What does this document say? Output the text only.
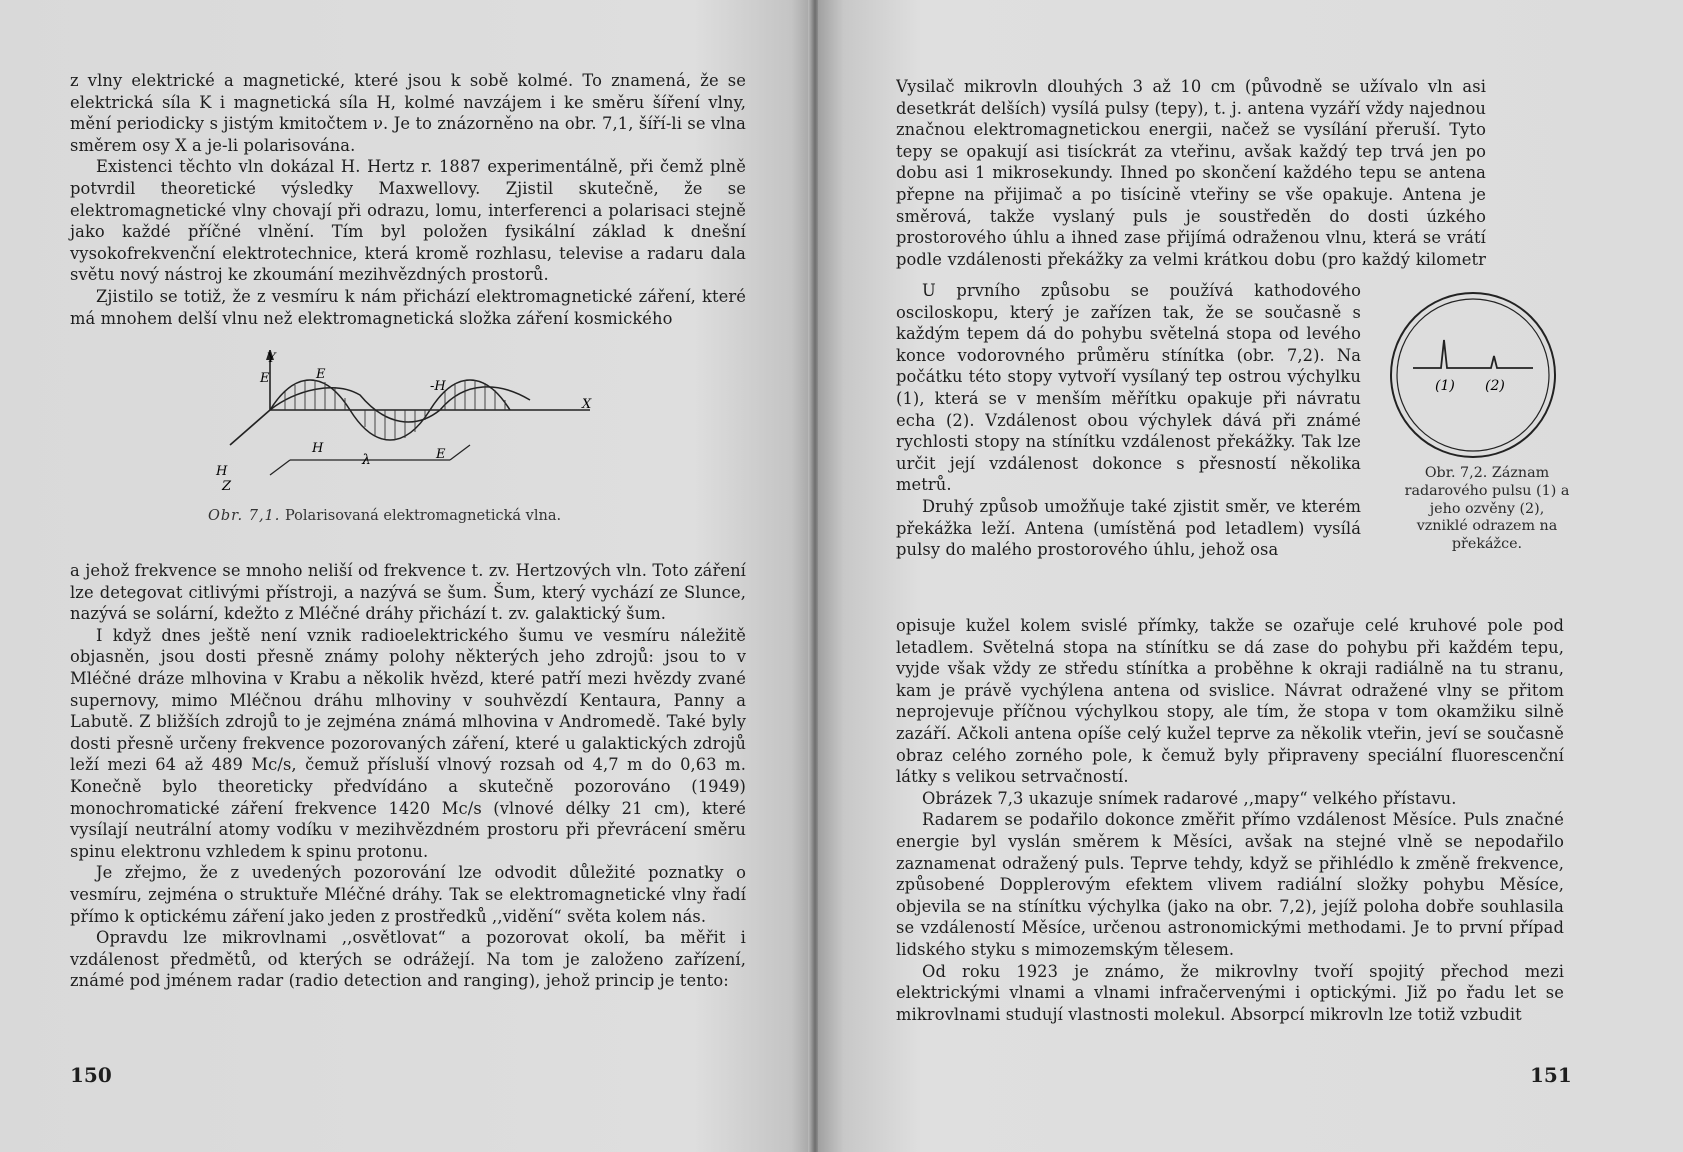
z vlny elektrické a magnetické, které jsou k sobě kolmé. To znamená, že se elektrická síla K i magnetická síla H, kolmé navzájem i ke směru šíření vlny, mění periodicky s jistým kmitočtem ν. Je to znázorněno na obr. 7,1, šíří-li se vlna směrem osy X a je-li polarisována.

Existenci těchto vln dokázal H. Hertz r. 1887 experimentálně, při čemž plně potvrdil theoretické výsledky Maxwellovy. Zjistil skutečně, že se elektromagnetické vlny chovají při odrazu, lomu, interferenci a polarisaci stejně jako každé příčné vlnění. Tím byl položen fysikální základ k dnešní vysokofrekvenční elektrotechnice, která kromě rozhlasu, televise a radaru dala světu nový nástroj ke zkoumání mezihvězdných prostorů.

Zjistilo se totiž, že z vesmíru k nám přichází elektromagnetické záření, které má mnohem delší vlnu než elektromagnetická složka záření kosmického

Y
E	E
-H
X
H
λ	E
H
Z
Obr. 7,1. Polarisovaná elektromagnetická vlna.

a jehož frekvence se mnoho neliší od frekvence t. zv. Hertzových vln. Toto záření lze detegovat citlivými přístroji, a nazývá se šum. Šum, který vychází ze Slunce, nazývá se solární, kdežto z Mléčné dráhy přichází t. zv. galaktický šum.

I když dnes ještě není vznik radioelektrického šumu ve vesmíru náležitě objasněn, jsou dosti přesně známy polohy některých jeho zdrojů: jsou to v Mléčné dráze mlhovina v Krabu a několik hvězd, které patří mezi hvězdy zvané supernovy, mimo Mléčnou dráhu mlhoviny v souhvězdí Kentaura, Panny a Labutě. Z bližších zdrojů to je zejména známá mlhovina v Andromedě. Také byly dosti přesně určeny frekvence pozorovaných záření, které u galaktických zdrojů leží mezi 64 až 489 Mc/s, čemuž přísluší vlnový rozsah od 4,7 m do 0,63 m. Konečně bylo theoreticky předvídáno a skutečně pozorováno (1949) monochromatické záření frekvence 1420 Mc/s (vlnové délky 21 cm), které vysílají neutrální atomy vodíku v mezihvězdném prostoru při převrácení směru spinu elektronu vzhledem k spinu protonu.

Je zřejmo, že z uvedených pozorování lze odvodit důležité poznatky o vesmíru, zejména o struktuře Mléčné dráhy. Tak se elektromagnetické vlny řadí přímo k optickému záření jako jeden z prostředků ,,vidění“ světa kolem nás.

Opravdu lze mikrovlnami ,,osvětlovat“ a pozorovat okolí, ba měřit i vzdálenost předmětů, od kterých se odrážejí. Na tom je založeno zařízení, známé pod jménem radar (radio detection and ranging), jehož princip je tento:

150

Vysilač mikrovln dlouhých 3 až 10 cm (původně se užívalo vln asi desetkrát delších) vysílá pulsy (tepy), t. j. antena vyzáří vždy najednou značnou elektromagnetickou energii, načež se vysílání přeruší. Tyto tepy se opakují asi tisíckrát za vteřinu, avšak každý tep trvá jen po dobu asi 1 mikrosekundy. Ihned po skončení každého tepu se antena přepne na přijimač a po tisícině vteřiny se vše opakuje. Antena je směrová, takže vyslaný puls je soustředěn do dosti úzkého prostorového úhlu a ihned zase přijímá odraženou vlnu, která se vrátí podle vzdálenosti překážky za velmi krátkou dobu (pro každý kilometr

U prvního způsobu se používá kathodového osciloskopu, který je zařízen tak, že se současně s každým tepem dá do pohybu světelná stopa od levého konce vodorovného průměru stínítka (obr. 7,2). Na počátku této stopy vytvoří vysílaný tep ostrou výchylku (1), která se v menším měřítku opakuje při návratu echa (2). Vzdálenost obou výchylek dává při známé rychlosti stopy na stínítku vzdálenost překážky. Tak lze určit její vzdálenost dokonce s přesností několika metrů.

Druhý způsob umožňuje také zjistit směr, ve kterém překážka leží. Antena (umístěná pod letadlem) vysílá pulsy do malého prostorového úhlu, jehož osa

(1) (2)
Obr. 7,2. Záznam radarového pulsu (1) a jeho ozvěny (2), vzniklé odrazem na překážce.

opisuje kužel kolem svislé přímky, takže se ozařuje celé kruhové pole pod letadlem. Světelná stopa na stínítku se dá zase do pohybu při každém tepu, vyjde však vždy ze středu stínítka a proběhne k okraji radiálně na tu stranu, kam je právě vychýlena antena od svislice. Návrat odražené vlny se přitom neprojevuje příčnou výchylkou stopy, ale tím, že stopa v tom okamžiku silně zazáří. Ačkoli antena opíše celý kužel teprve za několik vteřin, jeví se současně obraz celého zorného pole, k čemuž byly připraveny speciální fluorescenční látky s velikou setrvačností.

Obrázek 7,3 ukazuje snímek radarové ,,mapy“ velkého přístavu.

Radarem se podařilo dokonce změřit přímo vzdálenost Měsíce. Puls značné energie byl vyslán směrem k Měsíci, avšak na stejné vlně se nepodařilo zaznamenat odražený puls. Teprve tehdy, když se přihlédlo k změně frekvence, způsobené Dopplerovým efektem vlivem radiální složky pohybu Měsíce, objevila se na stínítku výchylka (jako na obr. 7,2), jejíž poloha dobře souhlasila se vzdáleností Měsíce, určenou astronomickými methodami. Je to první případ lidského styku s mimozemským tělesem.

Od roku 1923 je známo, že mikrovlny tvoří spojitý přechod mezi elektrickými vlnami a vlnami infračervenými i optickými. Již po řadu let se mikrovlnami studují vlastnosti molekul. Absorpcí mikrovln lze totiž vzbudit

151
